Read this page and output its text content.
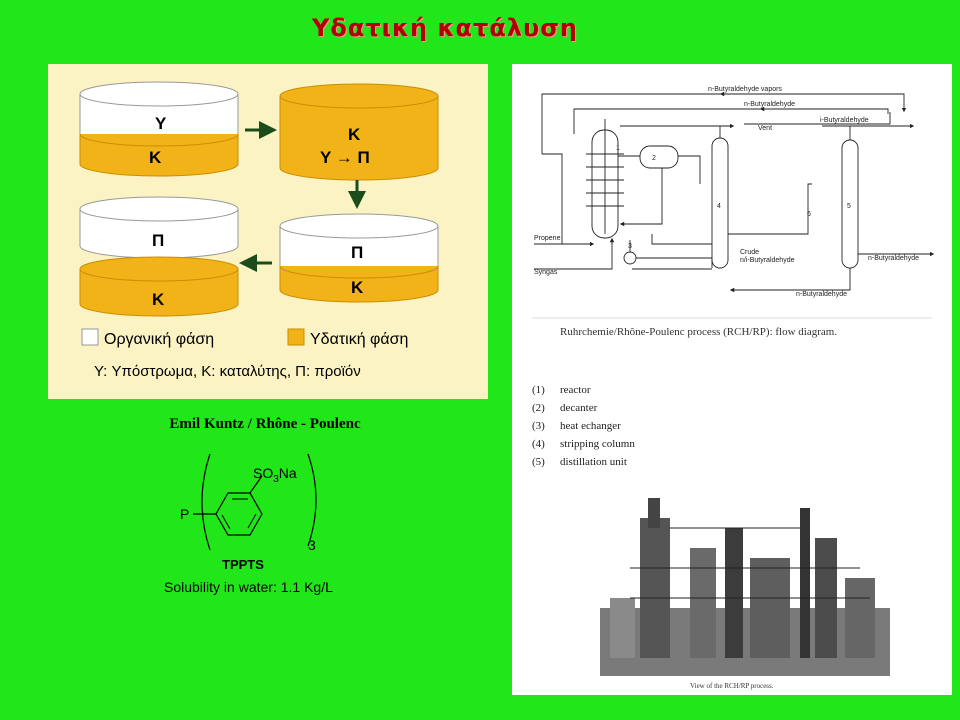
Υδατική κατάλυση
Y
K
K
Y → Π
Π
K
Π
K
Οργανική φάση	Υδατική φάση
Y: Υπόστρωμα, K: καταλύτης, Π: προϊόν
Emil Kuntz / Rhône - Poulenc
P
$SO_3Na$
3
TPPTS
Solubility in water: 1.1 Kg/L
n-Butyraldehyde vapors
n-Butyraldehyde
Vent
i-Butyraldehyde
Propene
Syngas
Crude
n/i-Butyraldehyde	n-Butyraldehyde
n-Butyraldehyde
1
2
3
4	5
6
Ruhrchemie/Rhône-Poulenc process (RCH/RP): flow diagram.
(1)	reactor
(2)	decanter
(3)	heat echanger
(4)	stripping column
(5)	distillation unit
View of the RCH/RP process.
